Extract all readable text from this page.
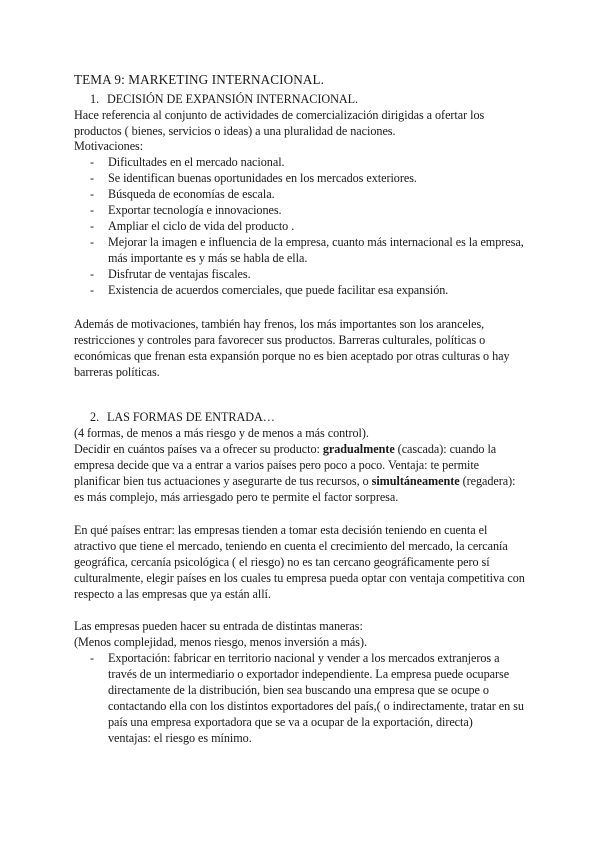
TEMA 9: MARKETING INTERNACIONAL.
1. DECISIÓN DE EXPANSIÓN INTERNACIONAL.
Hace referencia al conjunto de actividades de comercialización dirigidas a ofertar los
productos ( bienes, servicios o ideas) a una pluralidad de naciones.
Motivaciones:
- Dificultades en el mercado nacional.
- Se identifican buenas oportunidades en los mercados exteriores.
- Búsqueda de economías de escala.
- Exportar tecnología e innovaciones.
- Ampliar el ciclo de vida del producto .
- Mejorar la imagen e influencia de la empresa, cuanto más internacional es la empresa,
más importante es y más se habla de ella.
- Disfrutar de ventajas fiscales.
- Existencia de acuerdos comerciales, que puede facilitar esa expansión.
Además de motivaciones, también hay frenos, los más importantes son los aranceles,
restricciones y controles para favorecer sus productos. Barreras culturales, políticas o
económicas que frenan esta expansión porque no es bien aceptado por otras culturas o hay
barreras políticas.
2. LAS FORMAS DE ENTRADA…
(4 formas, de menos a más riesgo y de menos a más control).
Decidir en cuántos países va a ofrecer su producto: gradualmente (cascada): cuando la
empresa decide que va a entrar a varios países pero poco a poco. Ventaja: te permite
planificar bien tus actuaciones y asegurarte de tus recursos, o simultáneamente (regadera):
es más complejo, más arriesgado pero te permite el factor sorpresa.
En qué países entrar: las empresas tienden a tomar esta decisión teniendo en cuenta el
atractivo que tiene el mercado, teniendo en cuenta el crecimiento del mercado, la cercanía
geográfica, cercanía psicológica ( el riesgo) no es tan cercano geográficamente pero sí
culturalmente, elegir países en los cuales tu empresa pueda optar con ventaja competitiva con
respecto a las empresas que ya están allí.
Las empresas pueden hacer su entrada de distintas maneras:
(Menos complejidad, menos riesgo, menos inversión a más).
- Exportación: fabricar en territorio nacional y vender a los mercados extranjeros a
través de un intermediario o exportador independiente. La empresa puede ocuparse
directamente de la distribución, bien sea buscando una empresa que se ocupe o
contactando ella con los distintos exportadores del país,( o indirectamente, tratar en su
país una empresa exportadora que se va a ocupar de la exportación, directa)
ventajas: el riesgo es mínimo.
